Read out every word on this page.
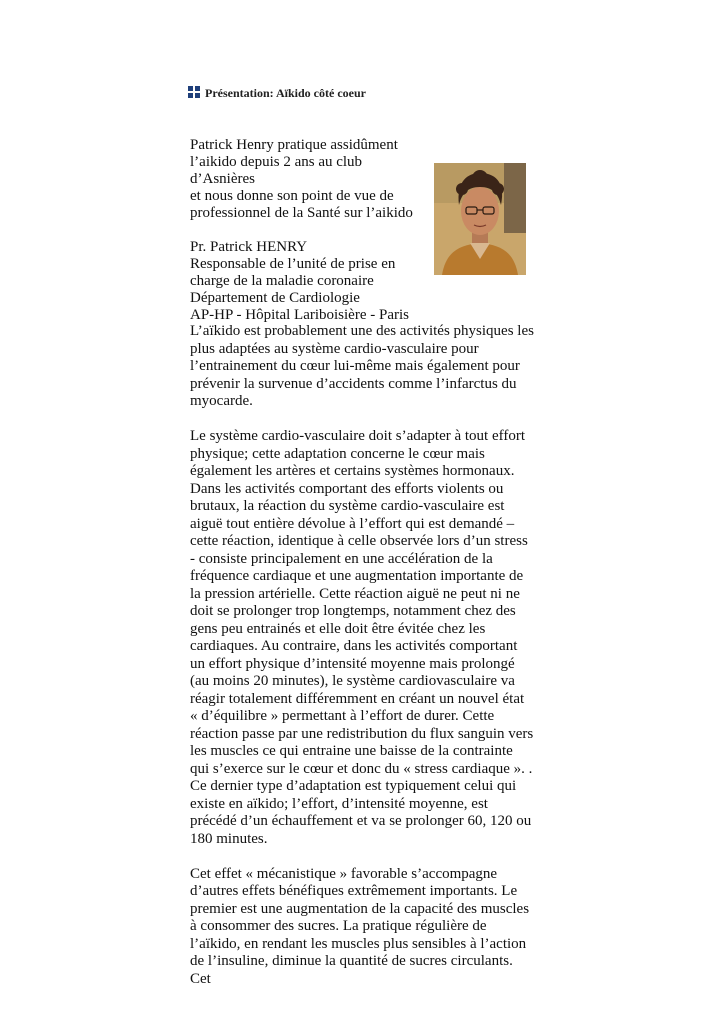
Présentation: Aïkido côté coeur

Patrick Henry pratique assidûment

l’aikido depuis 2 ans au club d’Asnières

et nous donne son point de vue de

professionnel de la Santé sur l’aikido

Pr. Patrick HENRY

Responsable de l’unité de prise en

charge de la maladie coronaire

Département de Cardiologie

AP-HP - Hôpital Lariboisière - Paris

L’aïkido est probablement une des activités physiques les plus adaptées au système cardio-vasculaire pour l’entrainement du cœur lui-même mais également pour prévenir la survenue d’accidents comme l’infarctus du myocarde.

Le système cardio-vasculaire doit s’adapter à tout effort physique; cette adaptation concerne le cœur mais également les artères et certains systèmes hormonaux. Dans les activités comportant des efforts violents ou brutaux, la réaction du système cardio-vasculaire est aiguë tout entière dévolue à l’effort qui est demandé – cette réaction, identique à celle observée lors d’un stress - consiste principalement en une accélération de la fréquence cardiaque et une augmentation importante de la pression artérielle. Cette réaction aiguë ne peut ni ne doit se prolonger trop longtemps, notamment chez des gens peu entrainés et elle doit être évitée chez les cardiaques. Au contraire, dans les activités comportant un effort physique d’intensité moyenne mais prolongé (au moins 20 minutes), le système cardiovasculaire va réagir totalement différemment en créant un nouvel état « d’équilibre » permettant à l’effort de durer. Cette réaction passe par une redistribution du flux sanguin vers les muscles ce qui entraine une baisse de la contrainte qui s’exerce sur le cœur et donc du « stress cardiaque ». . Ce dernier type d’adaptation est typiquement celui qui existe en aïkido; l’effort, d’intensité moyenne, est précédé d’un échauffement et va se prolonger 60, 120 ou 180 minutes.

Cet effet « mécanistique » favorable s’accompagne d’autres effets bénéfiques extrêmement importants. Le premier est une augmentation de la capacité des muscles à consommer des sucres. La pratique régulière de l’aïkido, en rendant les muscles plus sensibles à l’action de l’insuline, diminue la quantité de sucres circulants. Cet
